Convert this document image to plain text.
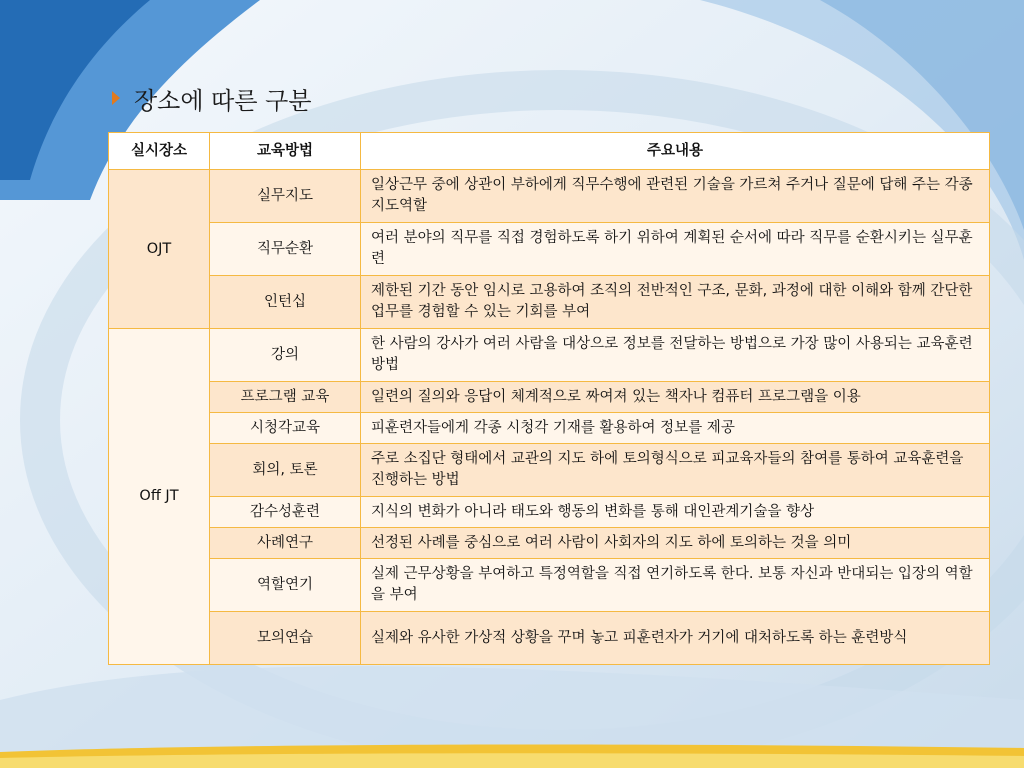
장소에 따른 구분
실시장소	교육방법	주요내용
OJT	실무지도	일상근무 중에 상관이 부하에게 직무수행에 관련된 기술을 가르쳐 주거나 질문에 답해 주는 각종 지도역할
	직무순환	여러 분야의 직무를 직접 경험하도록 하기 위하여 계획된 순서에 따라 직무를 순환시키는 실무훈련
	인턴십	제한된 기간 동안 임시로 고용하여 조직의 전반적인 구조, 문화, 과정에 대한 이해와 함께 간단한 업무를 경험할 수 있는 기회를 부여
Off JT	강의	한 사람의 강사가 여러 사람을 대상으로 정보를 전달하는 방법으로 가장 많이 사용되는 교육훈련 방법
	프로그램 교육	일련의 질의와 응답이 체계적으로 짜여져 있는 책자나 컴퓨터 프로그램을 이용
	시청각교육	피훈련자들에게 각종 시청각 기재를 활용하여 정보를 제공
	회의, 토론	주로 소집단 형태에서 교관의 지도 하에 토의형식으로 피교육자들의 참여를 통하여 교육훈련을 진행하는 방법
	감수성훈련	지식의 변화가 아니라 태도와 행동의 변화를 통해 대인관계기술을 향상
	사례연구	선정된 사례를 중심으로 여러 사람이 사회자의 지도 하에 토의하는 것을 의미
	역할연기	실제 근무상황을 부여하고 특정역할을 직접 연기하도록 한다. 보통 자신과 반대되는 입장의 역할을 부여
	모의연습	실제와 유사한 가상적 상황을 꾸며 놓고 피훈련자가 거기에 대처하도록 하는 훈련방식
